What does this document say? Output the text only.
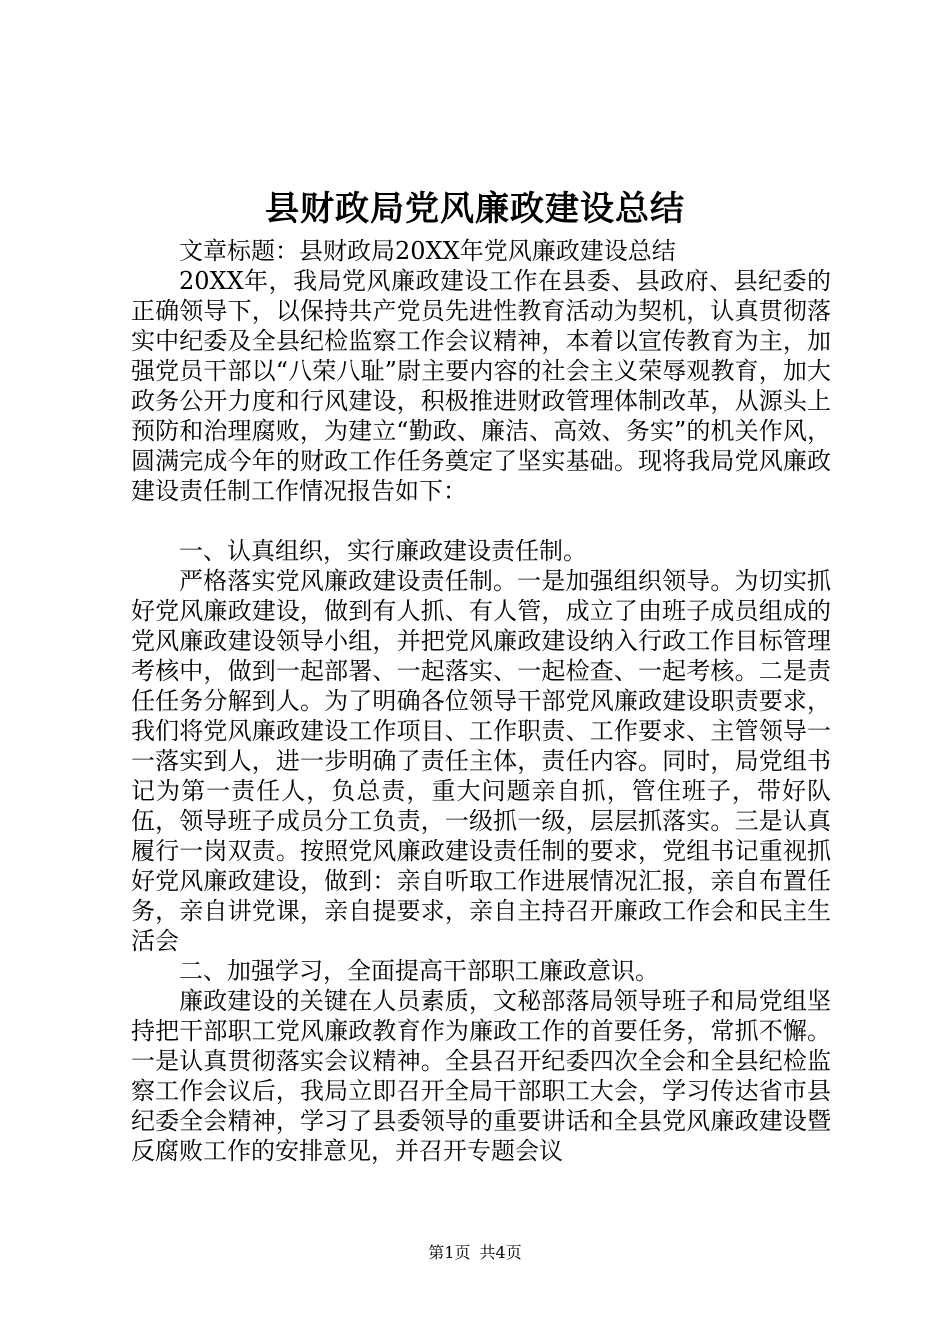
县财政局党风廉政建设总结

文章标题：县财政局20XX年党风廉政建设总结

20XX年，我局党风廉政建设工作在县委、县政府、县纪委的正确领导下，以保持共产党员先进性教育活动为契机，认真贯彻落实中纪委及全县纪检监察工作会议精神，本着以宣传教育为主，加强党员干部以“八荣八耻”尉主要内容的社会主义荣辱观教育，加大政务公开力度和行风建设，积极推进财政管理体制改革，从源头上预防和治理腐败，为建立“勤政、廉洁、高效、务实”的机关作风，圆满完成今年的财政工作任务奠定了坚实基础。现将我局党风廉政建设责任制工作情况报告如下：

一、认真组织，实行廉政建设责任制。

严格落实党风廉政建设责任制。一是加强组织领导。为切实抓好党风廉政建设，做到有人抓、有人管，成立了由班子成员组成的党风廉政建设领导小组，并把党风廉政建设纳入行政工作目标管理考核中，做到一起部署、一起落实、一起检查、一起考核。二是责任任务分解到人。为了明确各位领导干部党风廉政建设职责要求，我们将党风廉政建设工作项目、工作职责、工作要求、主管领导一一落实到人，进一步明确了责任主体，责任内容。同时，局党组书记为第一责任人，负总责，重大问题亲自抓，管住班子，带好队伍，领导班子成员分工负责，一级抓一级，层层抓落实。三是认真履行一岗双责。按照党风廉政建设责任制的要求，党组书记重视抓好党风廉政建设，做到：亲自听取工作进展情况汇报，亲自布置任务，亲自讲党课，亲自提要求，亲自主持召开廉政工作会和民主生活会

二、加强学习，全面提高干部职工廉政意识。

廉政建设的关键在人员素质，文秘部落局领导班子和局党组坚持把干部职工党风廉政教育作为廉政工作的首要任务，常抓不懈。一是认真贯彻落实会议精神。全县召开纪委四次全会和全县纪检监察工作会议后，我局立即召开全局干部职工大会，学习传达省市县纪委全会精神，学习了县委领导的重要讲话和全县党风廉政建设暨反腐败工作的安排意见，并召开专题会议

第1页 共4页
